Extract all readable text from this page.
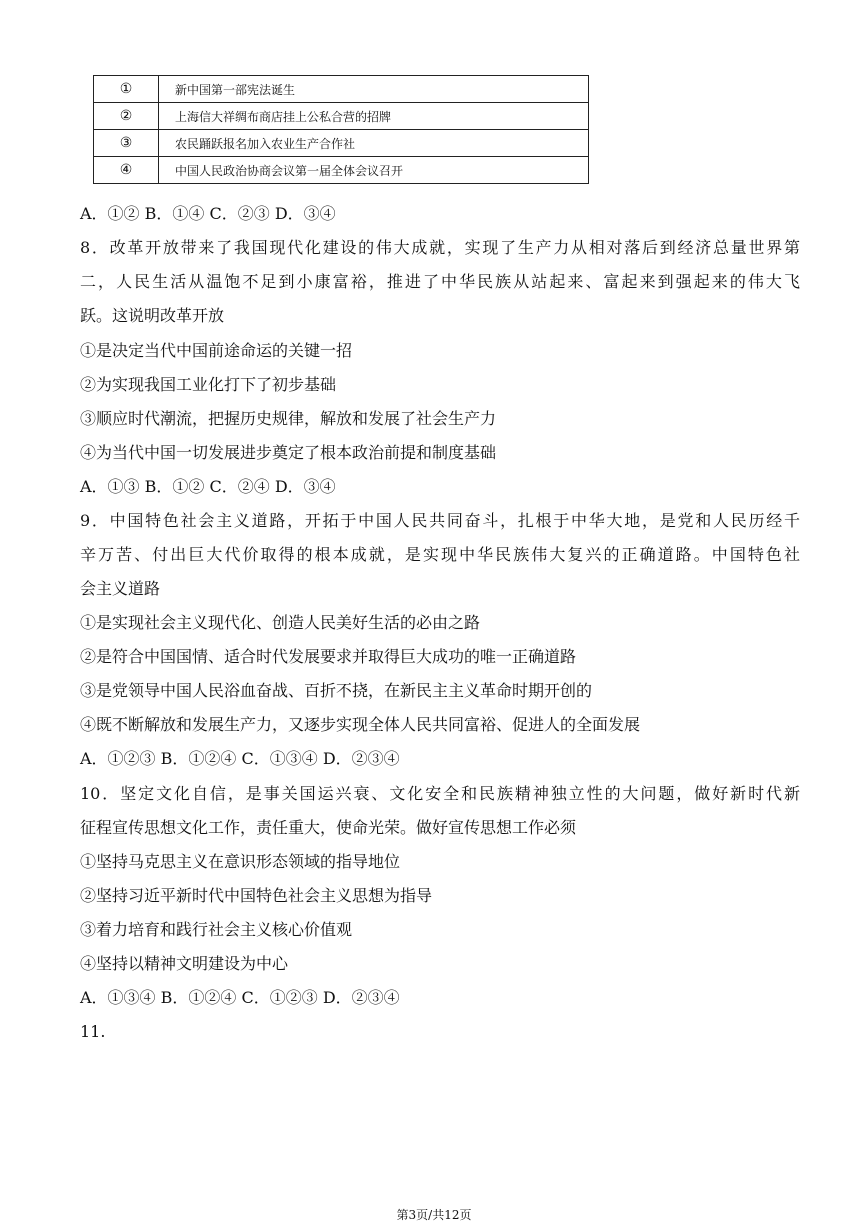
①	新中国第一部宪法诞生
②	上海信大祥绸布商店挂上公私合营的招牌
③	农民踊跃报名加入农业生产合作社
④	中国人民政治协商会议第一届全体会议召开
A．①② B．①④ C．②③ D．③④
8．改革开放带来了我国现代化建设的伟大成就，实现了生产力从相对落后到经济总量世界第
二，人民生活从温饱不足到小康富裕，推进了中华民族从站起来、富起来到强起来的伟大飞
跃。这说明改革开放
①是决定当代中国前途命运的关键一招
②为实现我国工业化打下了初步基础
③顺应时代潮流，把握历史规律，解放和发展了社会生产力
④为当代中国一切发展进步奠定了根本政治前提和制度基础
A．①③ B．①② C．②④ D．③④
9．中国特色社会主义道路，开拓于中国人民共同奋斗，扎根于中华大地，是党和人民历经千
辛万苦、付出巨大代价取得的根本成就，是实现中华民族伟大复兴的正确道路。中国特色社
会主义道路
①是实现社会主义现代化、创造人民美好生活的必由之路
②是符合中国国情、适合时代发展要求并取得巨大成功的唯一正确道路
③是党领导中国人民浴血奋战、百折不挠，在新民主主义革命时期开创的
④既不断解放和发展生产力，又逐步实现全体人民共同富裕、促进人的全面发展
A．①②③ B．①②④ C．①③④ D．②③④
10．坚定文化自信，是事关国运兴衰、文化安全和民族精神独立性的大问题，做好新时代新
征程宣传思想文化工作，责任重大，使命光荣。做好宣传思想工作必须
①坚持马克思主义在意识形态领域的指导地位
②坚持习近平新时代中国特色社会主义思想为指导
③着力培育和践行社会主义核心价值观
④坚持以精神文明建设为中心
A．①③④ B．①②④ C．①②③ D．②③④
11.
第3页/共12页
